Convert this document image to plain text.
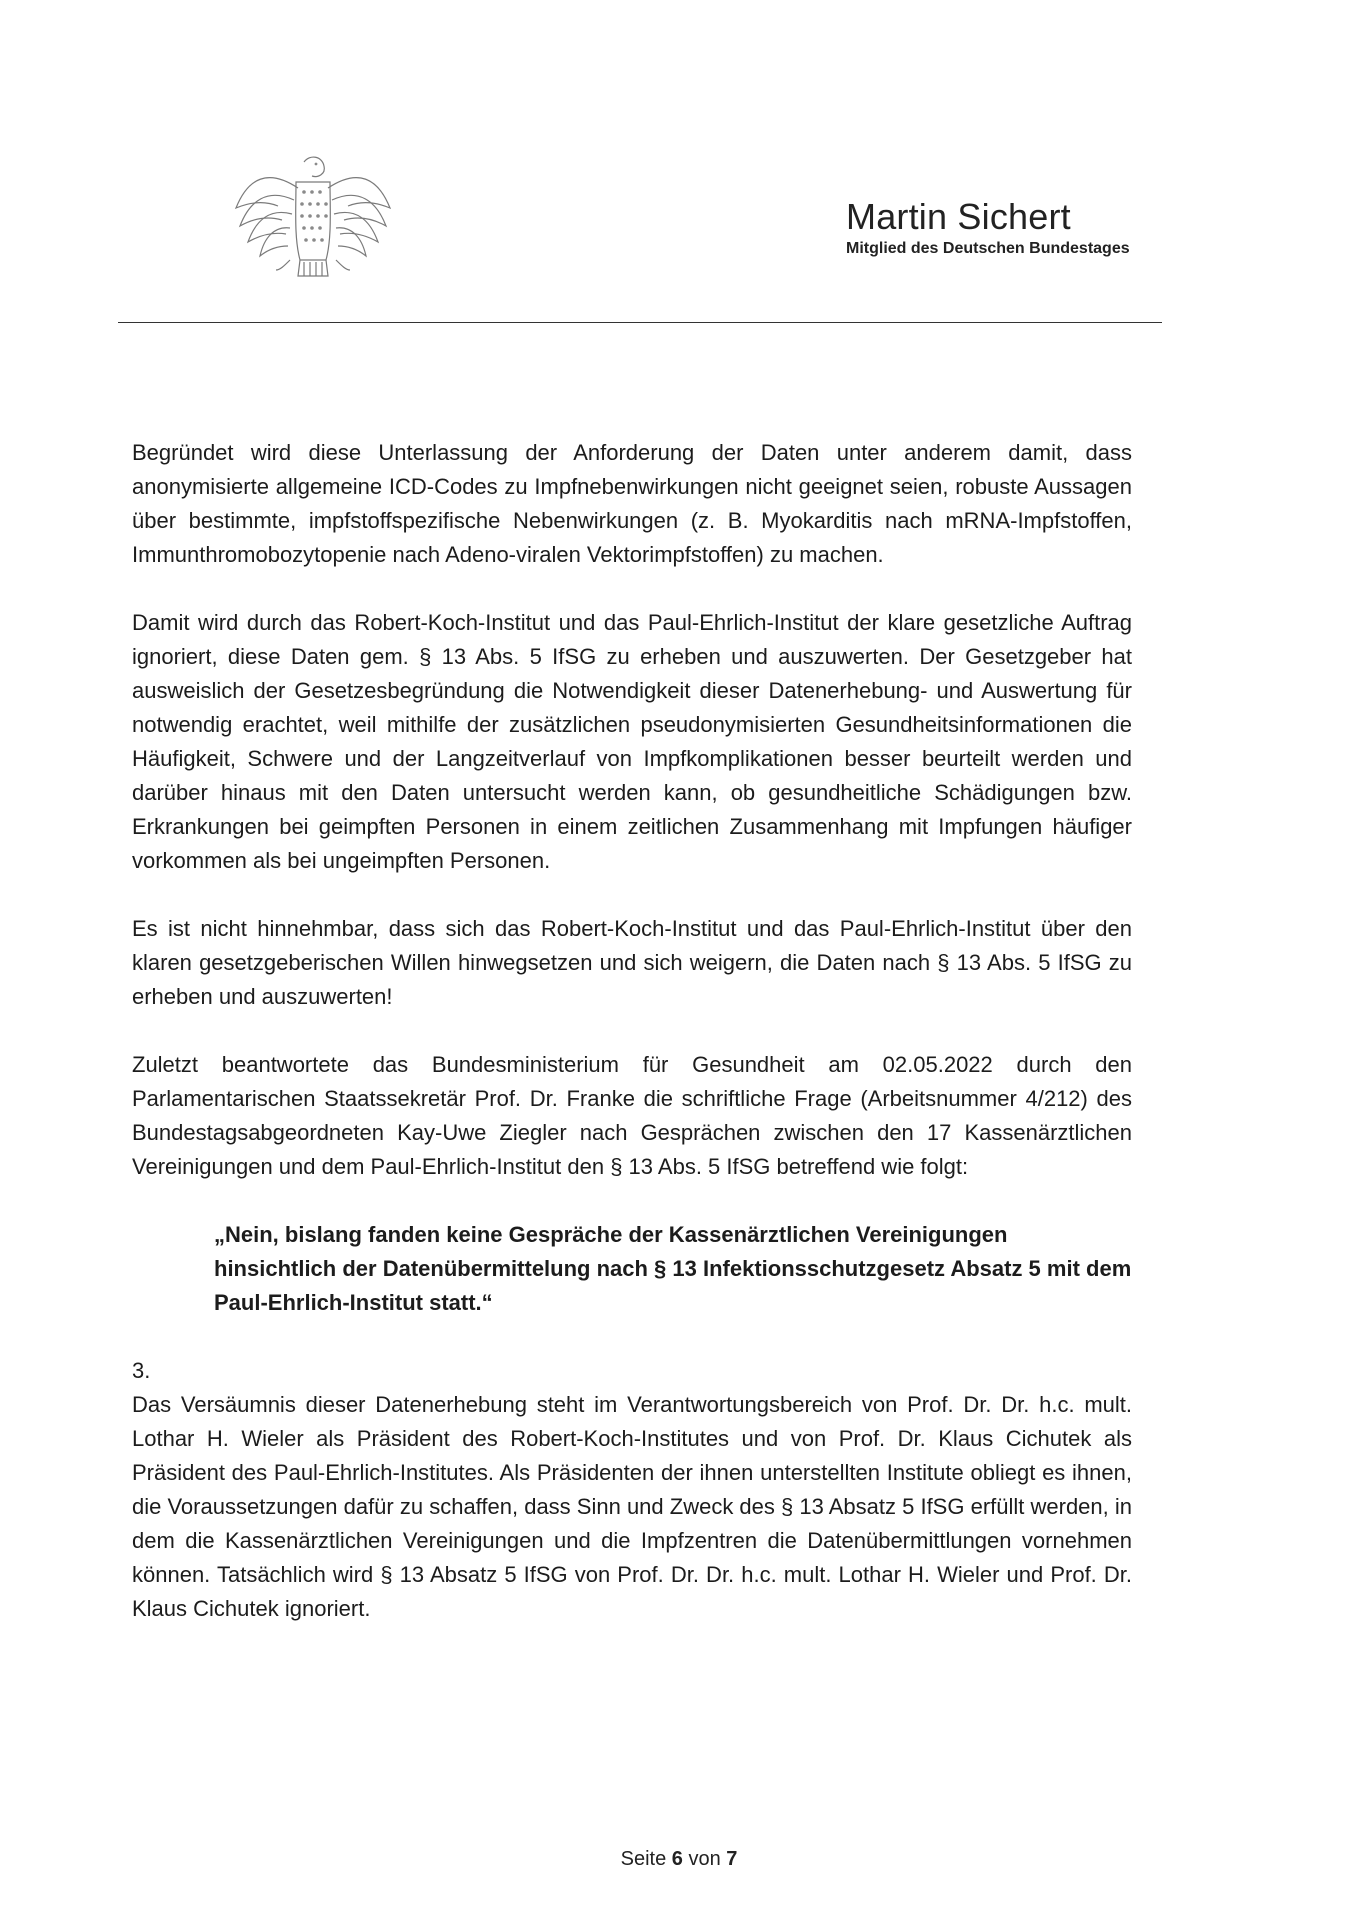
Martin Sichert
Mitglied des Deutschen Bundestages

Begründet wird diese Unterlassung der Anforderung der Daten unter anderem damit, dass anonymisierte allgemeine ICD-Codes zu Impfnebenwirkungen nicht geeignet seien, robuste Aussagen über bestimmte, impfstoffspezifische Nebenwirkungen (z. B. Myokarditis nach mRNA-Impfstoffen, Immunthromobozytopenie nach Adeno-viralen Vektorimpfstoffen) zu machen.

Damit wird durch das Robert-Koch-Institut und das Paul-Ehrlich-Institut der klare gesetzliche Auftrag ignoriert, diese Daten gem. § 13 Abs. 5 IfSG zu erheben und auszuwerten. Der Gesetzgeber hat ausweislich der Gesetzesbegründung die Notwendigkeit dieser Datenerhebung- und Auswertung für notwendig erachtet, weil mithilfe der zusätzlichen pseudonymisierten Gesundheitsinformationen die Häufigkeit, Schwere und der Langzeitverlauf von Impfkomplikationen besser beurteilt werden und darüber hinaus mit den Daten untersucht werden kann, ob gesundheitliche Schädigungen bzw. Erkrankungen bei geimpften Personen in einem zeitlichen Zusammenhang mit Impfungen häufiger vorkommen als bei ungeimpften Personen.

Es ist nicht hinnehmbar, dass sich das Robert-Koch-Institut und das Paul-Ehrlich-Institut über den klaren gesetzgeberischen Willen hinwegsetzen und sich weigern, die Daten nach § 13 Abs. 5 IfSG zu erheben und auszuwerten!

Zuletzt beantwortete das Bundesministerium für Gesundheit am 02.05.2022 durch den Parlamentarischen Staatssekretär Prof. Dr. Franke die schriftliche Frage (Arbeitsnummer 4/212) des Bundestagsabgeordneten Kay-Uwe Ziegler nach Gesprächen zwischen den 17 Kassenärztlichen Vereinigungen und dem Paul-Ehrlich-Institut den § 13 Abs. 5 IfSG betreffend wie folgt:

„Nein, bislang fanden keine Gespräche der Kassenärztlichen Vereinigungen hinsichtlich der Datenübermittelung nach § 13 Infektionsschutzgesetz Absatz 5 mit dem Paul-Ehrlich-Institut statt.“

3.

Das Versäumnis dieser Datenerhebung steht im Verantwortungsbereich von Prof. Dr. Dr. h.c. mult. Lothar H. Wieler als Präsident des Robert-Koch-Institutes und von Prof. Dr. Klaus Cichutek als Präsident des Paul-Ehrlich-Institutes. Als Präsidenten der ihnen unterstellten Institute obliegt es ihnen, die Voraussetzungen dafür zu schaffen, dass Sinn und Zweck des § 13 Absatz 5 IfSG erfüllt werden, in dem die Kassenärztlichen Vereinigungen und die Impfzentren die Datenübermittlungen vornehmen können. Tatsächlich wird § 13 Absatz 5 IfSG von Prof. Dr. Dr. h.c. mult. Lothar H. Wieler und Prof. Dr. Klaus Cichutek ignoriert.

Seite 6 von 7
